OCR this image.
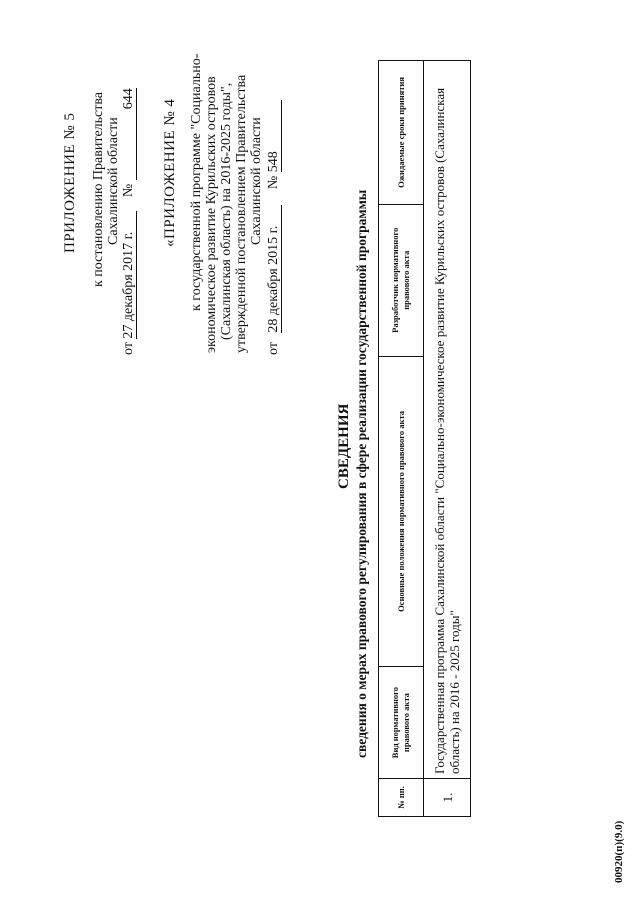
ПРИЛОЖЕНИЕ № 5 к постановлению Правительства Сахалинской области
от 27 декабря 2017 г. № 644 «ПРИЛОЖЕНИЕ № 4 к государственной программе "Социально- экономическое развитие Курильских островов (Сахалинская область) на 2016-2025 годы", утвержденной постановлением Правительства Сахалинской области
от 28 декабря 2015 г. № 548
СВЕДЕНИЯ сведения о мерах правового регулирования в сфере реализации государственной программы
№ пп.	Вид нормативного правового акта	Основные положения нормативного правового акта	Разработчик нормативного правового акта	Ожидаемые сроки принятия
1.	Государственная программа Сахалинской области "Социально-экономическое развитие Курильских островов (Сахалинская область) на 2016 - 2025 годы"			
00920(п)(9.0)
